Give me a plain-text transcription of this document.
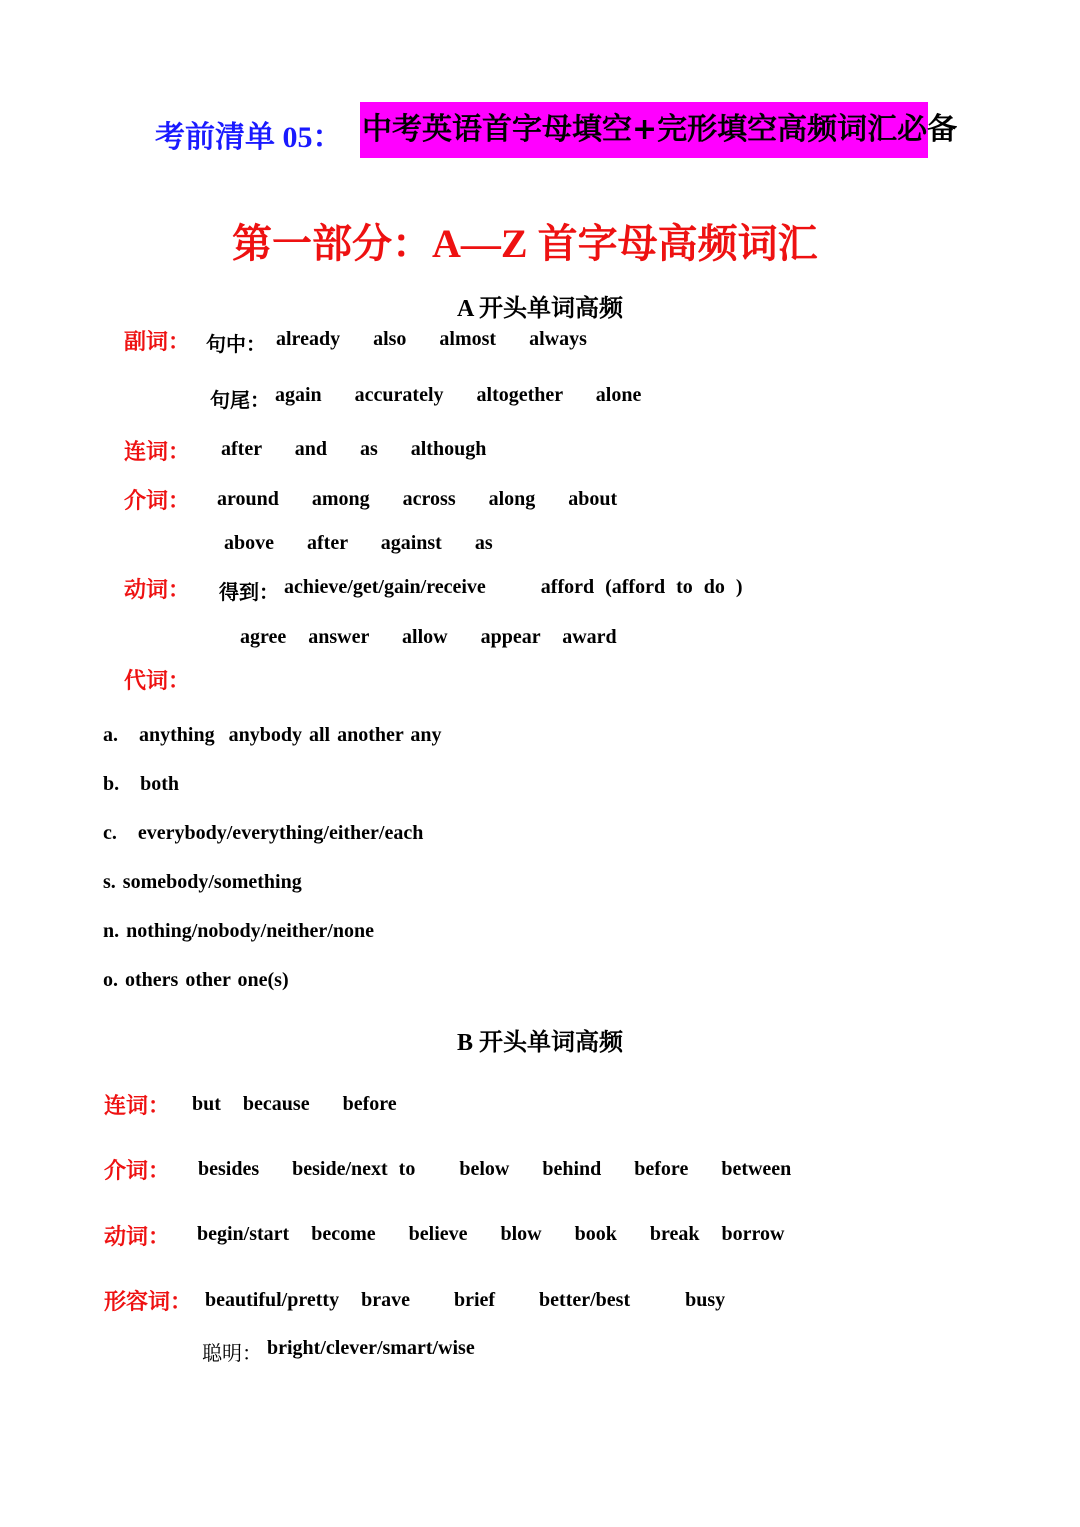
考前清单 05： 中考英语首字母填空+完形填空高频词汇必备
第一部分：A—Z 首字母高频词汇
A 开头单词高频
副词： 句中： already   also   almost   always
句尾： again   accurately   altogether   alone
连词： after   and   as   although
介词： around   among   across   along   about
above   after   against   as
动词： 得到： achieve/get/gain/receive     afford (afford to do )
agree  answer   allow   appear  award
代词：
a.   anything  anybody all another any
b.   both
c.   everybody/everything/either/each
s. somebody/something
n. nothing/nobody/neither/none
o. others other one(s)
B 开头单词高频
连词： but  because   before
介词： besides   beside/next to    below   behind   before   between
动词： begin/start  become   believe   blow   book   break  borrow
形容词： beautiful/pretty  brave    brief    better/best     busy
聪明： bright/clever/smart/wise
